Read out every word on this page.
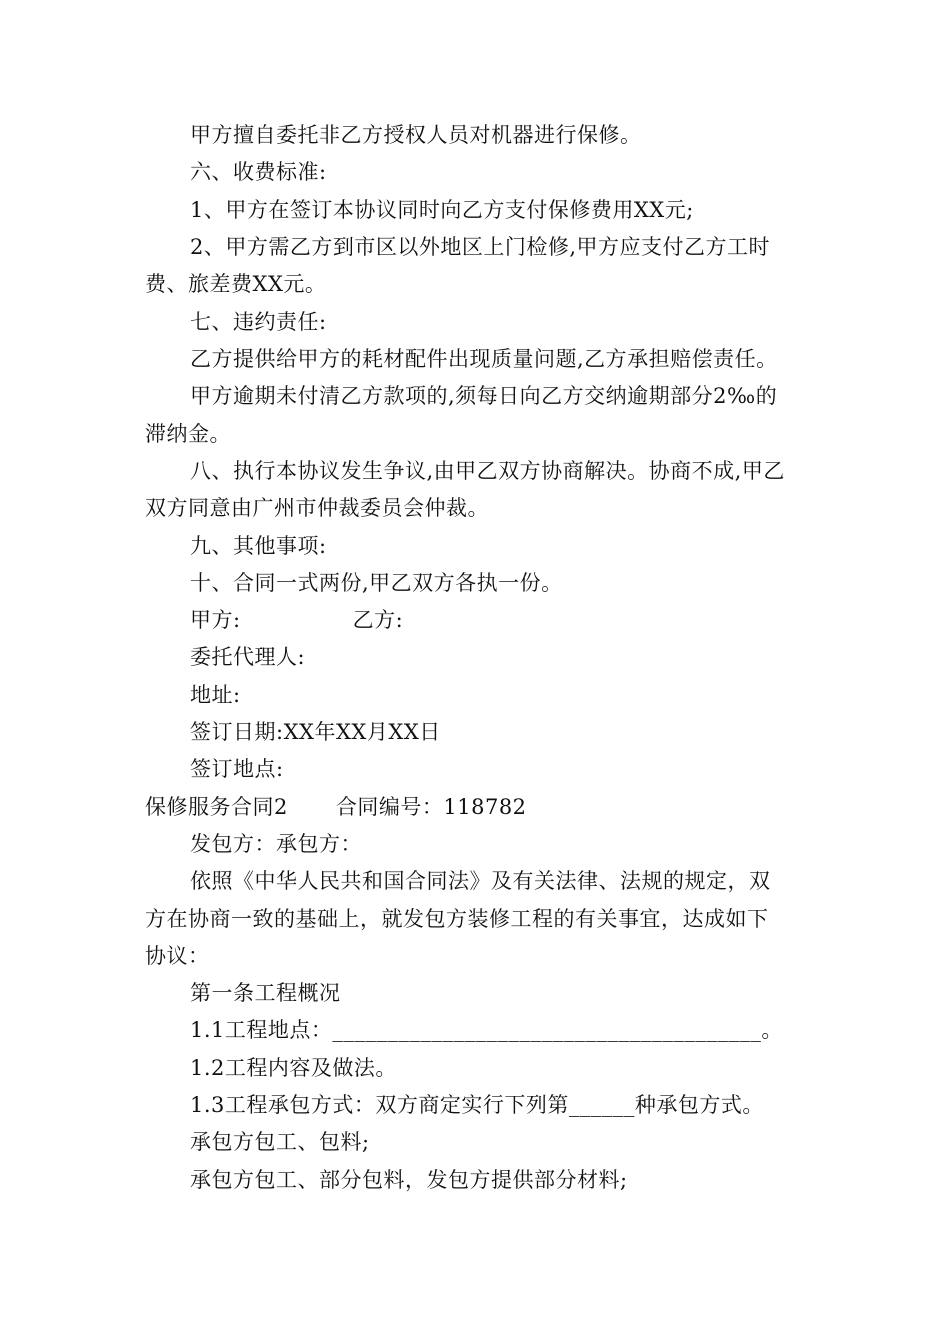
甲方擅自委托非乙方授权人员对机器进行保修。
六、收费标准:
1、甲方在签订本协议同时向乙方支付保修费用XX元;
2、甲方需乙方到市区以外地区上门检修,甲方应支付乙方工时
费、旅差费XX元。
七、违约责任:
乙方提供给甲方的耗材配件出现质量问题,乙方承担赔偿责任。
甲方逾期未付清乙方款项的,须每日向乙方交纳逾期部分2‰的
滞纳金。
八、执行本协议发生争议,由甲乙双方协商解决。协商不成,甲乙
双方同意由广州市仲裁委员会仲裁。
九、其他事项:
十、合同一式两份,甲乙双方各执一份。
甲方:	乙方:
委托代理人:
地址:
签订日期:XX年XX月XX日
签订地点:
保修服务合同2 合同编号：118782
发包方：承包方：
依照《中华人民共和国合同法》及有关法律、法规的规定，双
方在协商一致的基础上，就发包方装修工程的有关事宜，达成如下
协议：
第一条工程概况
1.1工程地点：_______________________________________。
1.2工程内容及做法。
1.3工程承包方式：双方商定实行下列第______种承包方式。
承包方包工、包料;
承包方包工、部分包料，发包方提供部分材料;
